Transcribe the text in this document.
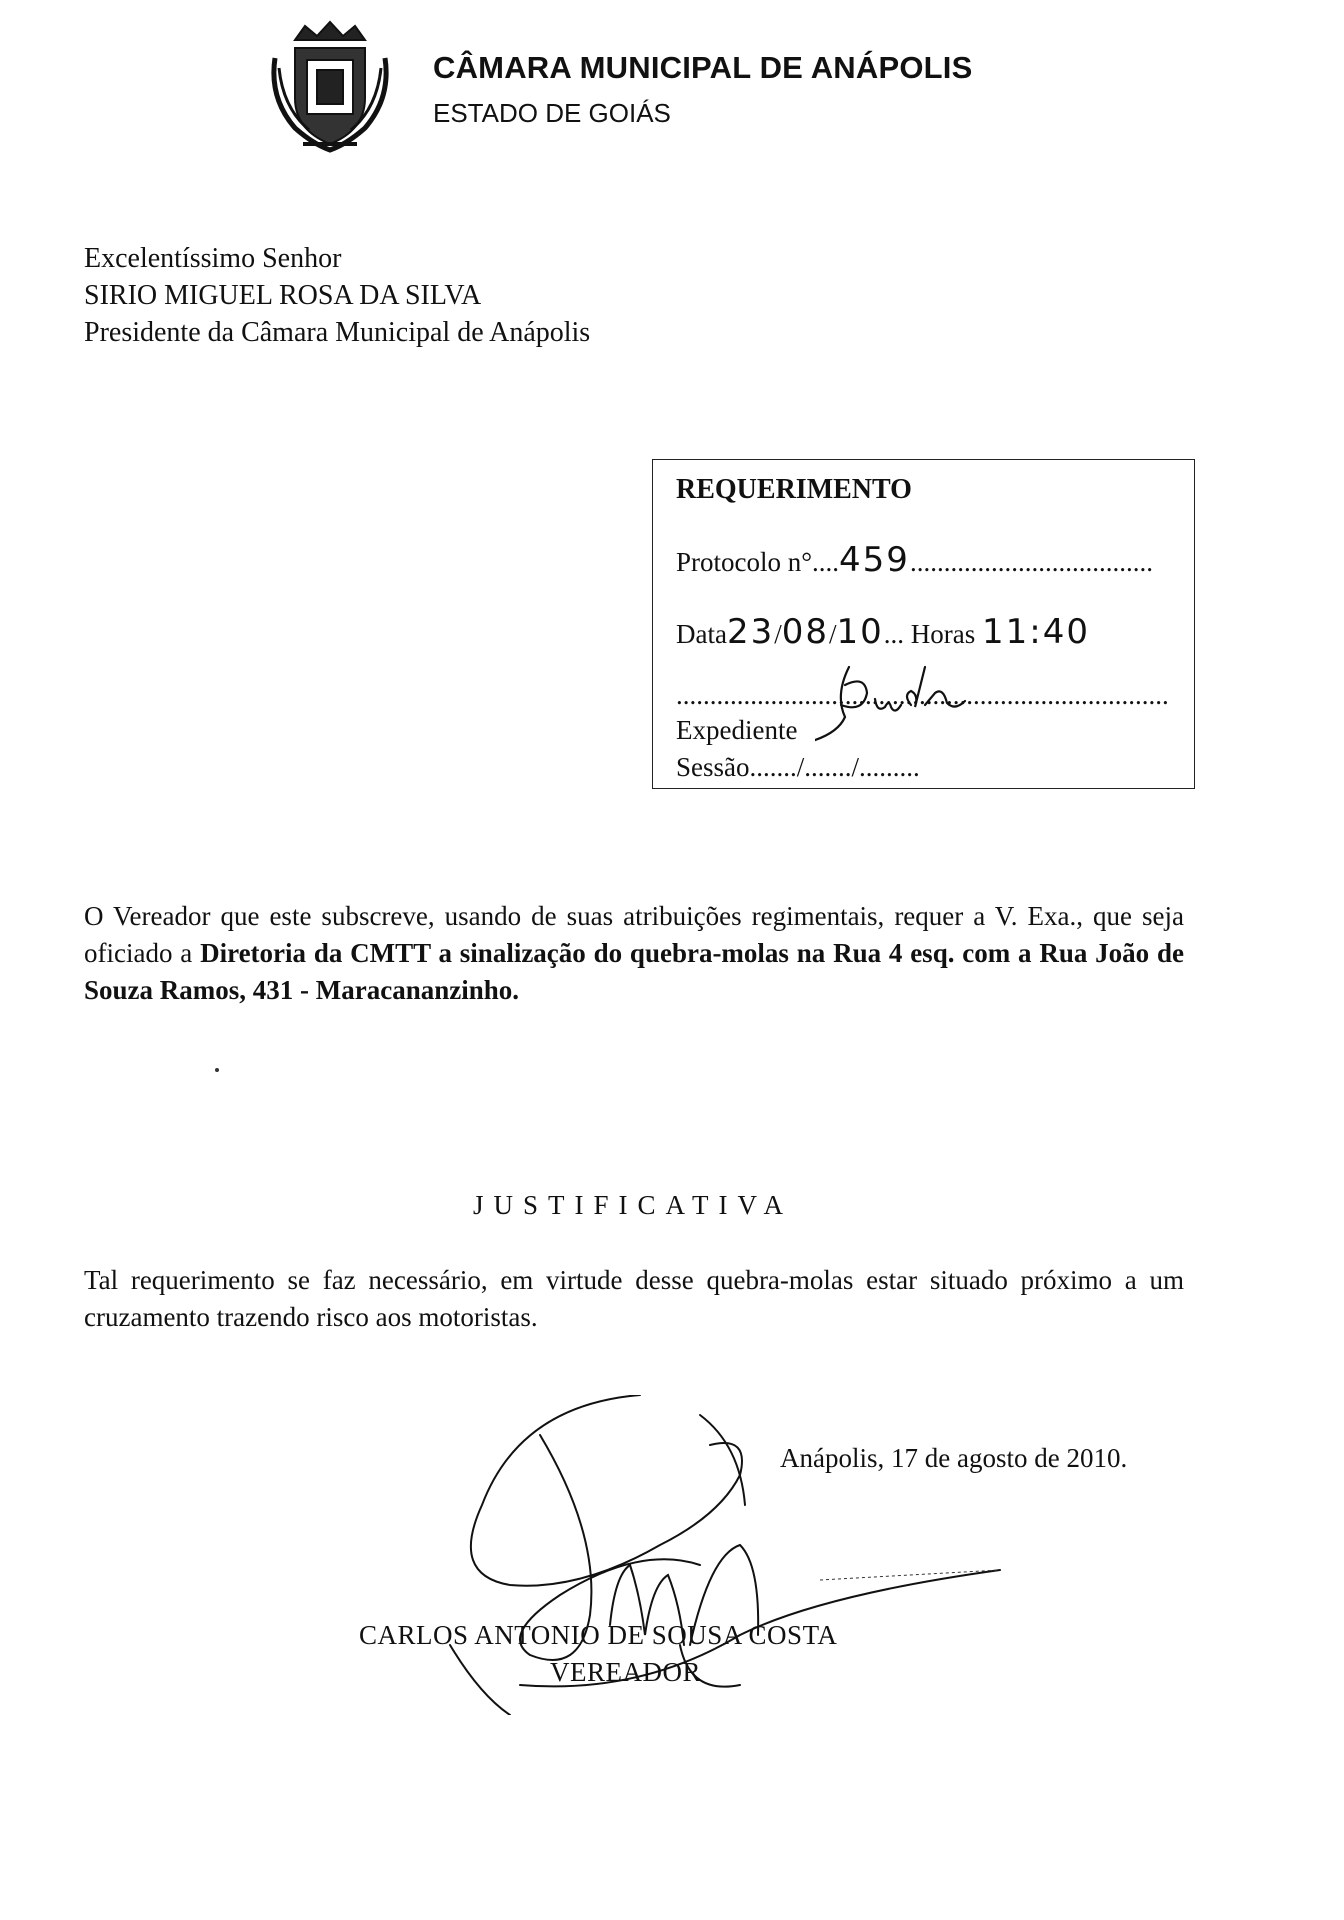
CÂMARA MUNICIPAL DE ANÁPOLIS
ESTADO DE GOIÁS
Excelentíssimo Senhor
SIRIO MIGUEL ROSA DA SILVA
Presidente da Câmara Municipal de Anápolis
REQUERIMENTO
Protocolo n°....459....................................
Data23/08/10... Horas 11:40
.........................................................................
Expediente
Sessão......./......./.........
O Vereador que este subscreve, usando de suas atribuições regimentais, requer a V. Exa., que seja oficiado a Diretoria da CMTT a sinalização do quebra-molas na Rua 4 esq. com a Rua João de Souza Ramos, 431 - Maracananzinho.
JUSTIFICATIVA
Tal requerimento se faz necessário, em virtude desse quebra-molas estar situado próximo a um cruzamento trazendo risco aos motoristas.
Anápolis, 17 de agosto de 2010.
CARLOS ANTONIO DE SOUSA COSTA
VEREADOR
